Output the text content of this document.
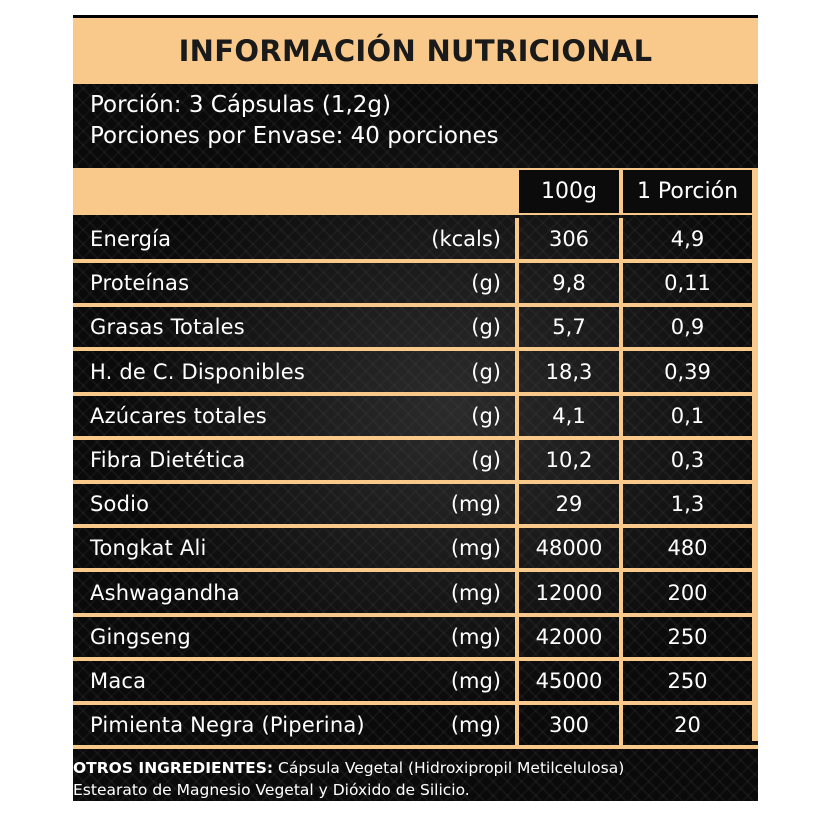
INFORMACIÓN NUTRICIONAL
Porción: 3 Cápsulas (1,2g)
Porciones por Envase: 40 porciones
100g	1 Porción
Energía	(kcals)	306	4,9
Proteínas	(g)	9,8	0,11
Grasas Totales	(g)	5,7	0,9
H. de C. Disponibles	(g)	18,3	0,39
Azúcares totales	(g)	4,1	0,1
Fibra Dietética	(g)	10,2	0,3
Sodio	(mg)	29	1,3
Tongkat Ali	(mg)	48000	480
Ashwagandha	(mg)	12000	200
Gingseng	(mg)	42000	250
Maca	(mg)	45000	250
Pimienta Negra (Piperina)	(mg)	300	20
OTROS INGREDIENTES: Cápsula Vegetal (Hidroxipropil Metilcelulosa)
Estearato de Magnesio Vegetal y Dióxido de Silicio.
